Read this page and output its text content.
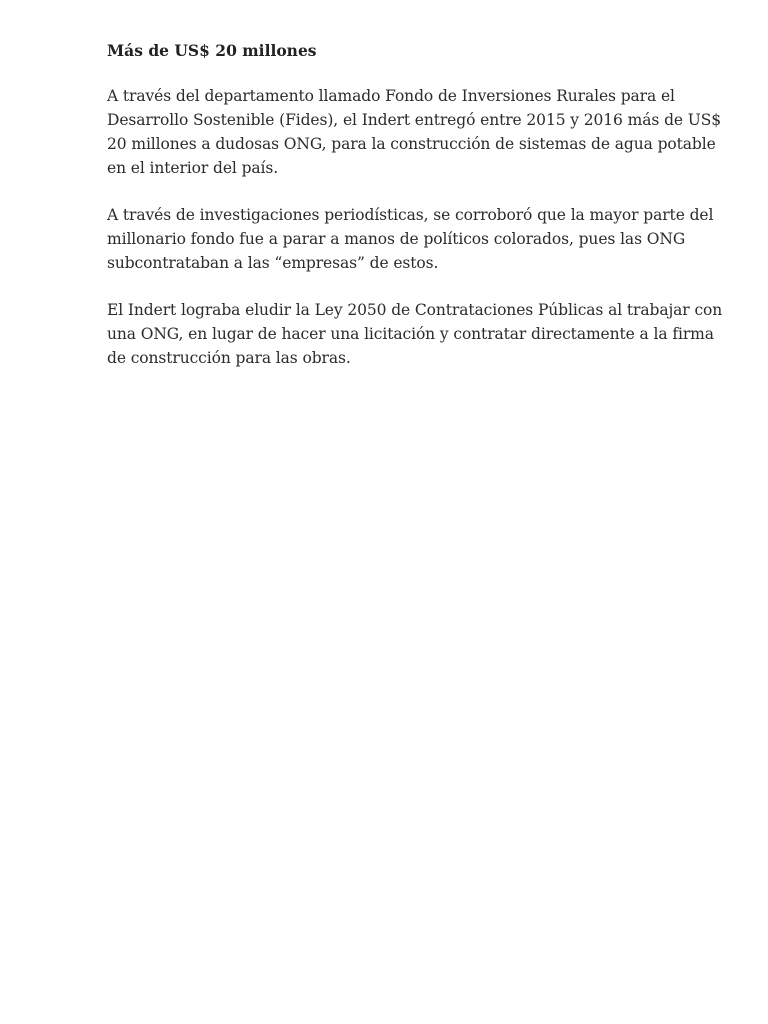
Más de US$ 20 millones

A través del departamento llamado Fondo de Inversiones Rurales para el Desarrollo Sostenible (Fides), el Indert entregó entre 2015 y 2016 más de US$ 20 millones a dudosas ONG, para la construcción de sistemas de agua potable en el interior del país.

A través de investigaciones periodísticas, se corroboró que la mayor parte del millonario fondo fue a parar a manos de políticos colorados, pues las ONG subcontrataban a las “empresas” de estos.

El Indert lograba eludir la Ley 2050 de Contrataciones Públicas al trabajar con una ONG, en lugar de hacer una licitación y contratar directamente a la firma de construcción para las obras.
